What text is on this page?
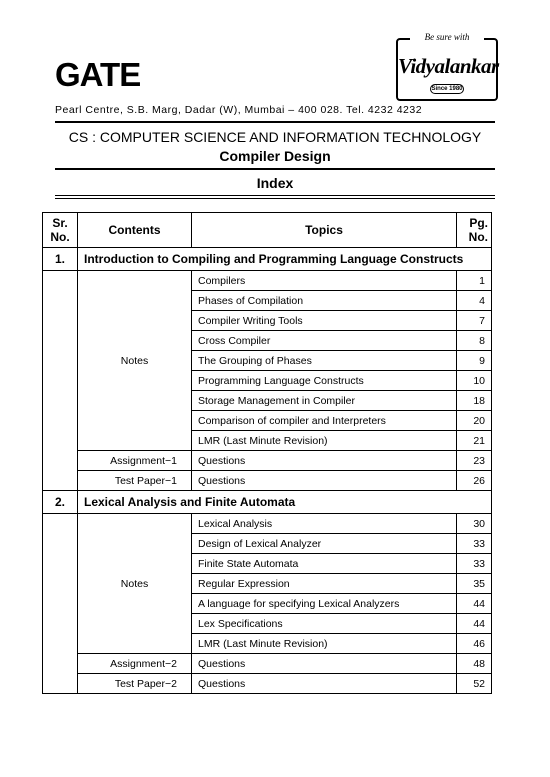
GATE
Be sure with
Vidyalankar
Since 1980
Pearl Centre, S.B. Marg, Dadar (W), Mumbai – 400 028. Tel. 4232 4232
CS : COMPUTER SCIENCE AND INFORMATION TECHNOLOGY
Compiler Design
Index
Sr. No.	Contents	Topics	Pg. No.
1.	Introduction to Compiling and Programming Language Constructs		
	Notes	Compilers	1
		Phases of Compilation	4
		Compiler Writing Tools	7
		Cross Compiler	8
		The Grouping of Phases	9
		Programming Language Constructs	10
		Storage Management in Compiler	18
		Comparison of compiler and Interpreters	20
		LMR (Last Minute Revision)	21
	Assignment−1	Questions	23
	Test Paper−1	Questions	26
2.	Lexical Analysis and Finite Automata		
	Notes	Lexical Analysis	30
		Design of Lexical Analyzer	33
		Finite State Automata	33
		Regular Expression	35
		A language for specifying Lexical Analyzers	44
		Lex Specifications	44
		LMR (Last Minute Revision)	46
	Assignment−2	Questions	48
	Test Paper−2	Questions	52
